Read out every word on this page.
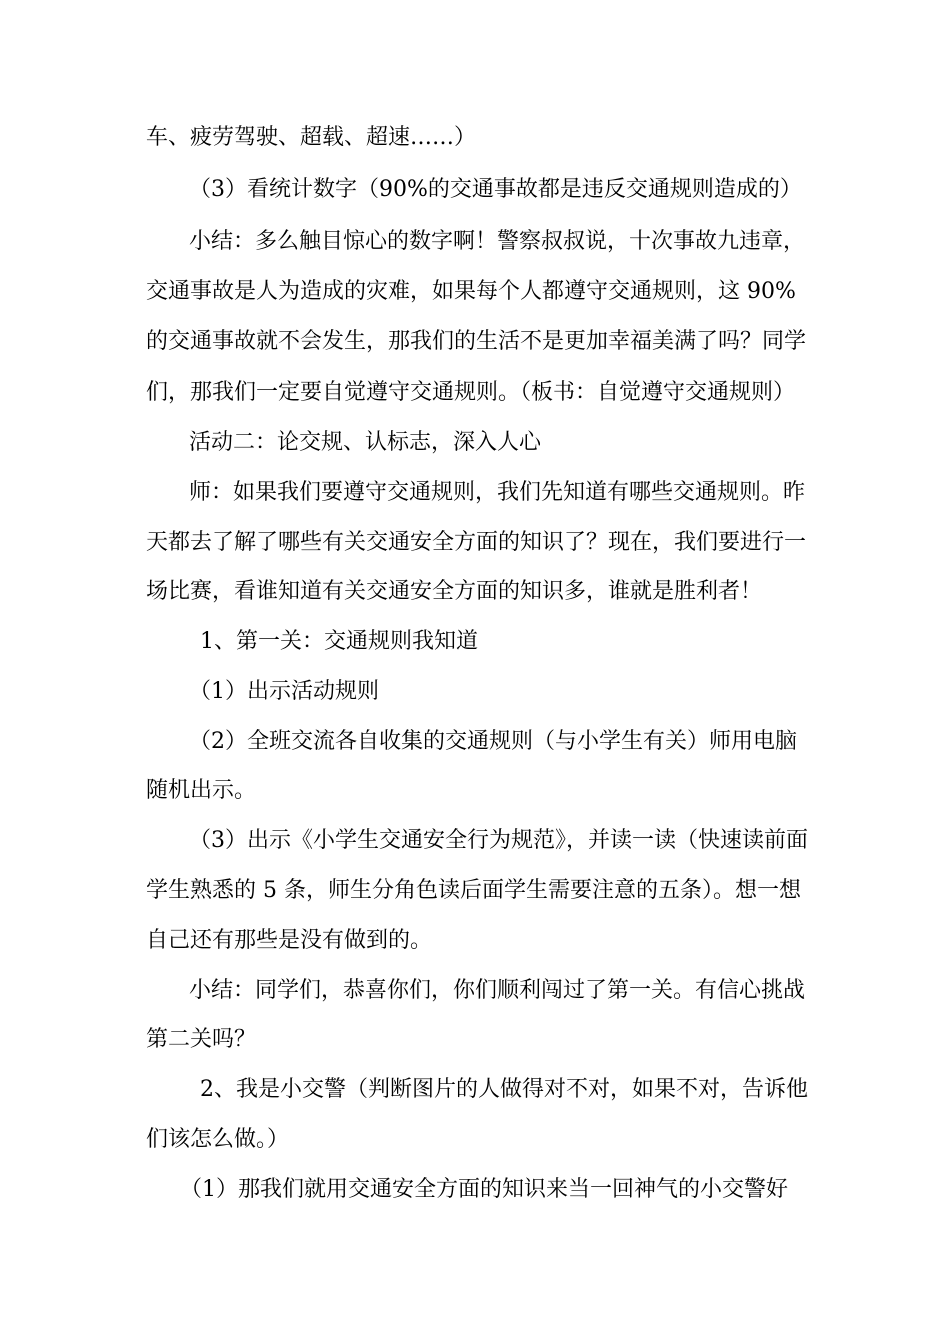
车、疲劳驾驶、超载、超速……）
（3）看统计数字（90%的交通事故都是违反交通规则造成的）
小结：多么触目惊心的数字啊！警察叔叔说，十次事故九违章，
交通事故是人为造成的灾难，如果每个人都遵守交通规则，这 90%
的交通事故就不会发生，那我们的生活不是更加幸福美满了吗？同学
们，那我们一定要自觉遵守交通规则。（板书：自觉遵守交通规则）
活动二：论交规、认标志，深入人心
师：如果我们要遵守交通规则，我们先知道有哪些交通规则。昨
天都去了解了哪些有关交通安全方面的知识了？现在，我们要进行一
场比赛，看谁知道有关交通安全方面的知识多，谁就是胜利者！
1、第一关：交通规则我知道
（1）出示活动规则
（2）全班交流各自收集的交通规则（与小学生有关）师用电脑
随机出示。
（3）出示《小学生交通安全行为规范》，并读一读（快速读前面
学生熟悉的 5 条，师生分角色读后面学生需要注意的五条）。想一想
自己还有那些是没有做到的。
小结：同学们，恭喜你们，你们顺利闯过了第一关。有信心挑战
第二关吗？
2、我是小交警（判断图片的人做得对不对，如果不对，告诉他
们该怎么做。）
（1）那我们就用交通安全方面的知识来当一回神气的小交警好
